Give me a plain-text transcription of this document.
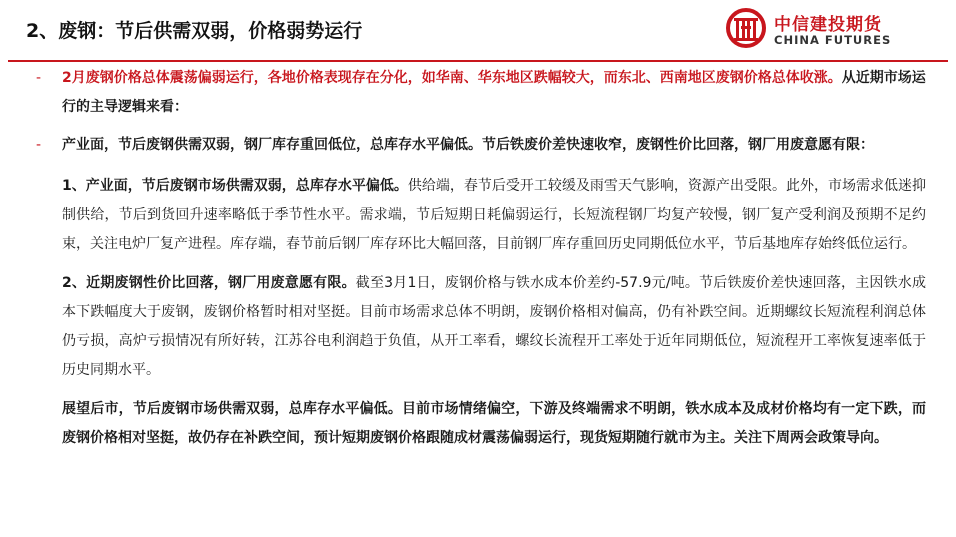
2、废钢：节后供需双弱，价格弱势运行	中信建投期货
CHINA FUTURES
- 2月废钢价格总体震荡偏弱运行，各地价格表现存在分化，如华南、华东地区跌幅较大，而东北、西南地区废钢价格总体收涨。从近期市场运行的主导逻辑来看：
- 产业面，节后废钢供需双弱，钢厂库存重回低位，总库存水平偏低。节后铁废价差快速收窄，废钢性价比回落，钢厂用废意愿有限：
1、产业面，节后废钢市场供需双弱，总库存水平偏低。供给端，春节后受开工较缓及雨雪天气影响，资源产出受限。此外，市场需求低迷抑制供给，节后到货回升速率略低于季节性水平。需求端，节后短期日耗偏弱运行，长短流程钢厂均复产较慢，钢厂复产受利润及预期不足约束，关注电炉厂复产进程。库存端，春节前后钢厂库存环比大幅回落，目前钢厂库存重回历史同期低位水平，节后基地库存始终低位运行。
2、近期废钢性价比回落，钢厂用废意愿有限。截至3月1日，废钢价格与铁水成本价差约-57.9元/吨。节后铁废价差快速回落，主因铁水成本下跌幅度大于废钢，废钢价格暂时相对坚挺。目前市场需求总体不明朗，废钢价格相对偏高，仍有补跌空间。近期螺纹长短流程利润总体仍亏损，高炉亏损情况有所好转，江苏谷电利润趋于负值，从开工率看，螺纹长流程开工率处于近年同期低位，短流程开工率恢复速率低于历史同期水平。
展望后市，节后废钢市场供需双弱，总库存水平偏低。目前市场情绪偏空，下游及终端需求不明朗，铁水成本及成材价格均有一定下跌，而废钢价格相对坚挺，故仍存在补跌空间，预计短期废钢价格跟随成材震荡偏弱运行，现货短期随行就市为主。关注下周两会政策导向。
